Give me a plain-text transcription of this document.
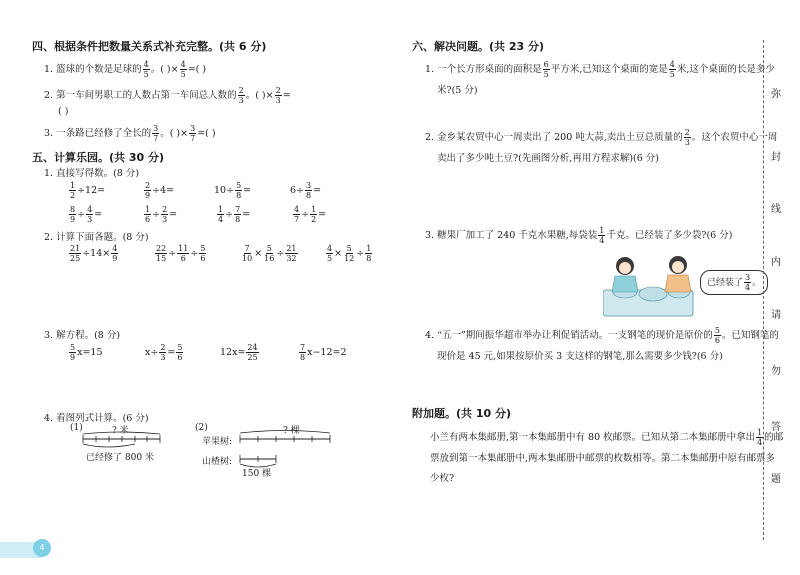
四、根据条件把数量关系式补充完整。(共 6 分)
1. 篮球的个数是足球的 $\frac{4}{5}$ 。( )× $\frac{4}{5}$ =( )
2. 第一车间男职工的人数占第一车间总人数的 $\frac{2}{3}$ 。( )× $\frac{2}{3}$ =
( )
3. 一条路已经修了全长的 $\frac{3}{7}$ 。( )× $\frac{3}{7}$ =( )
五、计算乐园。(共 30 分)
1. 直接写得数。(8 分)
$\frac{1}{2} \div 12=$	$\frac{2}{9} \div 4=$	$10\div \frac{5}{8}$ =	$6\div \frac{3}{8}$ =
$\frac{8}{9} \div \frac{4}{3}$ =	$\frac{1}{6} \div \frac{2}{3}$ =	$\frac{1}{4} \div \frac{7}{8}$ =	$\frac{4}{7} \div \frac{1}{2}$ =
2. 计算下面各题。(8 分)
$\frac{21}{25} \div 14\times \frac{4}{9}$	$\frac{22}{15} \div \frac{11}{6} \div \frac{5}{6}$	$\frac{7}{10} \times \frac{5}{16} \div \frac{21}{32}$	$\frac{4}{5} \times \frac{5}{12} \div \frac{1}{8}$
3. 解方程。(8 分)
$\frac{5}{9} x=15$	$x\div \frac{2}{3} = \frac{5}{6}$	$12x= \frac{24}{25}$	$\frac{7}{8} x-12=2$
4. 看图列式计算。(6 分)
(1)	? 米
已经修了 800 米
(2)	? 棵
苹果树:
山楂树:
150 棵
六、解决问题。(共 23 分)
1. 一个长方形桌面的面积是 $\frac{6}{5}$ 平方米,已知这个桌面的宽是 $\frac{4}{5}$ 米,这个桌面的长是多少
米?(5 分)
2. 金乡某农贸中心一周卖出了 200 吨大蒜,卖出土豆总质量的 $\frac{2}{3}$ 。这个农贸中心一周
卖出了多少吨土豆?(先画图分析,再用方程求解)(6 分)
3. 糖果厂加工了 240 千克水果糖,每袋装 $\frac{1}{4}$ 千克。已经装了多少袋?(6 分)
已经装了 $\frac{3}{4}$ 。
4. “五一”期间振华超市举办让利促销活动。一支钢笔的现价是原价的 $\frac{5}{6}$ 。已知钢笔的
现价是 45 元,如果按原价买 3 支这样的钢笔,那么需要多少钱?(6 分)
附加题。(共 10 分)
小兰有两本集邮册,第一本集邮册中有 80 枚邮票。已知从第二本集邮册中拿出 $\frac{1}{4}$ 的邮
票放到第一本集邮册中,两本集邮册中邮票的枚数相等。第二本集邮册中原有邮票多
少枚?
弥
封
线
内
请
勿
答
题
4
